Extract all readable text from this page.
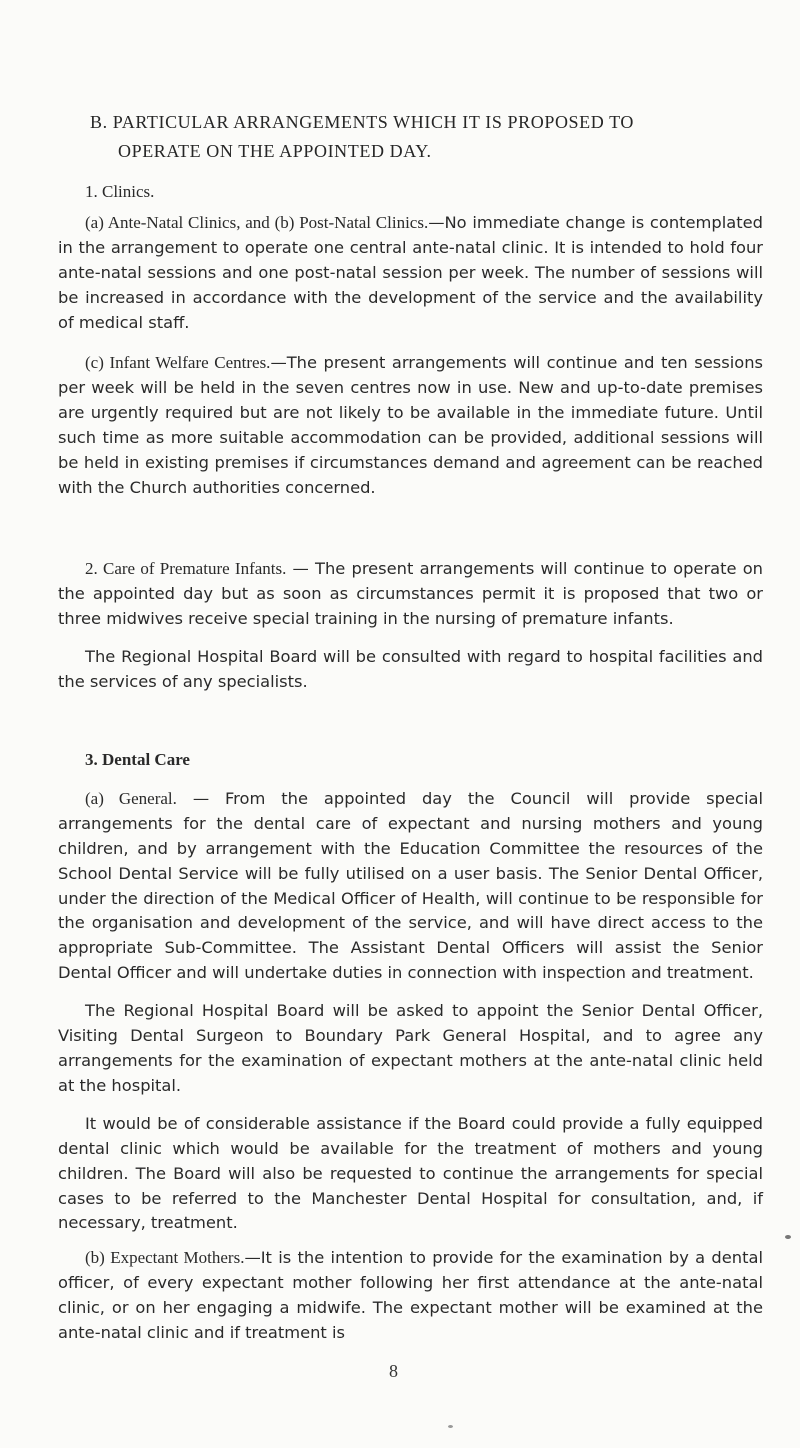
B. PARTICULAR ARRANGEMENTS WHICH IT IS PROPOSED TO
OPERATE ON THE APPOINTED DAY.
1. Clinics.
(a) Ante-Natal Clinics, and (b) Post-Natal Clinics.—No immediate change is contemplated in the arrangement to operate one central ante-natal clinic. It is intended to hold four ante-natal sessions and one post-natal session per week. The number of sessions will be increased in accordance with the development of the service and the availability of medical staff.
(c) Infant Welfare Centres.—The present arrangements will continue and ten sessions per week will be held in the seven centres now in use. New and up-to-date premises are urgently required but are not likely to be available in the immediate future. Until such time as more suitable accommodation can be provided, additional sessions will be held in existing premises if circumstances demand and agreement can be reached with the Church authorities concerned.
2. Care of Premature Infants. — The present arrangements will continue to operate on the appointed day but as soon as circumstances permit it is proposed that two or three midwives receive special training in the nursing of premature infants.
The Regional Hospital Board will be consulted with regard to hospital facilities and the services of any specialists.
3. Dental Care
(a) General. — From the appointed day the Council will provide special arrangements for the dental care of expectant and nursing mothers and young children, and by arrangement with the Education Committee the resources of the School Dental Service will be fully utilised on a user basis. The Senior Dental Officer, under the direction of the Medical Officer of Health, will continue to be responsible for the organisation and development of the service, and will have direct access to the appropriate Sub-Committee. The Assistant Dental Officers will assist the Senior Dental Officer and will undertake duties in connection with inspection and treatment.
The Regional Hospital Board will be asked to appoint the Senior Dental Officer, Visiting Dental Surgeon to Boundary Park General Hospital, and to agree any arrangements for the examination of expectant mothers at the ante-natal clinic held at the hospital.
It would be of considerable assistance if the Board could provide a fully equipped dental clinic which would be available for the treatment of mothers and young children. The Board will also be requested to continue the arrangements for special cases to be referred to the Manchester Dental Hospital for consultation, and, if necessary, treatment.
(b) Expectant Mothers.—It is the intention to provide for the examination by a dental officer, of every expectant mother following her first attendance at the ante-natal clinic, or on her engaging a midwife. The expectant mother will be examined at the ante-natal clinic and if treatment is
8
